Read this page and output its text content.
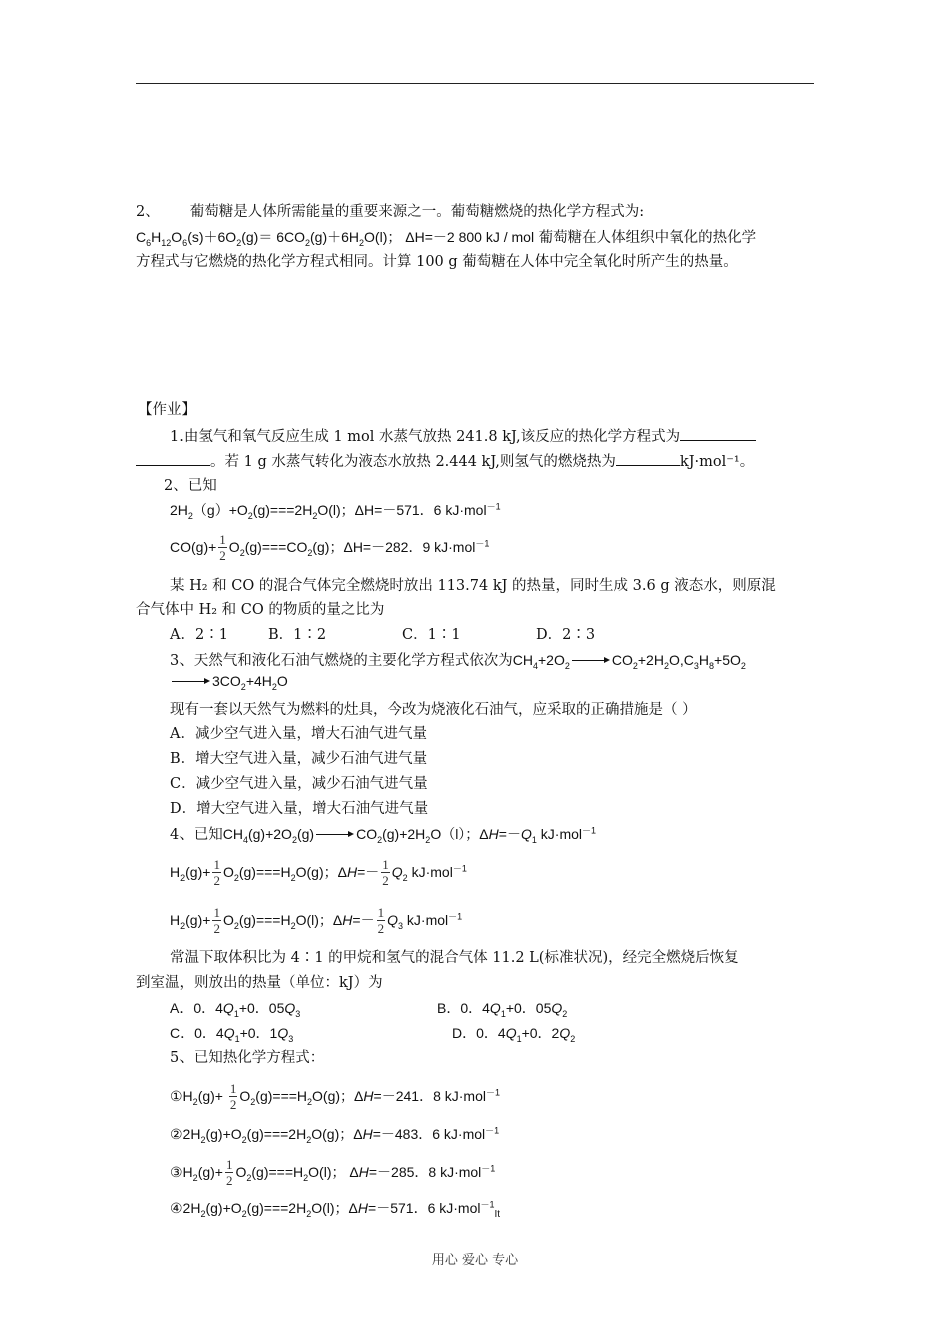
2、 葡萄糖是人体所需能量的重要来源之一。葡萄糖燃烧的热化学方程式为:
$C_6H_{12}O_6(s)+6O_2(g)= 6CO_2(g)+6H_2O(l)$； ΔH=－2 800 kJ / mol 葡萄糖在人体组织中氧化的热化学
方程式与它燃烧的热化学方程式相同。计算 100 g 葡萄糖在人体中完全氧化时所产生的热量。
【作业】
1.由氢气和氧气反应生成 1 mol 水蒸气放热 241.8 kJ,该反应的热化学方程式为
。若 1 g 水蒸气转化为液态水放热 2.444 kJ,则氢气的燃烧热为	kJ·mol⁻¹。
2、已知
$2H_2(g)+O_2(g)===2H_2O(l)$；ΔH=－571．6 kJ·mol$^{-1}$
$CO(g)+ \frac{1}{2} O_2(g)===CO_2(g)$；ΔH=－282．9 kJ·mol$^{-1}$
某 H₂ 和 CO 的混合气体完全燃烧时放出 113.74 kJ 的热量，同时生成 3.6 g 液态水，则原混
合气体中 H₂ 和 CO 的物质的量之比为
A．2∶1	B．1∶2	C．1∶1	D．2∶3
3、天然气和液化石油气燃烧的主要化学方程式依次为$CH_4+2O_2$	$CO_2+2H_2O,C_3H_8+5O_2$
$3CO_2+4H_2O$
现有一套以天然气为燃料的灶具，今改为烧液化石油气，应采取的正确措施是（ ）
A．减少空气进入量，增大石油气进气量
B．增大空气进入量，减少石油气进气量
C．减少空气进入量，减少石油气进气量
D．增大空气进入量，增大石油气进气量
4、已知$CH_4(g)+2O_2(g)$	$CO_2(g)+2H_2O(l)$；$\Delta H=-Q_1$ kJ·mol$^{-1}$
$H_2(g)+ \frac{1}{2} O_2(g)===H_2O(g)$；$\Delta H=- \frac{1}{2} Q_2$ kJ·mol$^{-1}$
$H_2(g)+ \frac{1}{2} O_2(g)===H_2O(l)$；$\Delta H=- \frac{1}{2} Q_3$ kJ·mol$^{-1}$
常温下取体积比为 4∶1 的甲烷和氢气的混合气体 11.2 L(标准状况)，经完全燃烧后恢复
到室温，则放出的热量（单位：kJ）为
A．0．$4Q_1+0$．$05Q_3$	B．0．$4Q_1+0$．$05Q_2$
C．0．$4Q_1+0$．$1Q_3$	D．0．$4Q_1+0$．$2Q_2$
5、已知热化学方程式：
$①H_2(g)+ \frac{1}{2} O_2(g)===H_2O(g)$；ΔH=－241．8 kJ·mol$^{-1}$
$②2H_2(g)+O_2(g)===2H_2O(g)$；ΔH=－483．6 kJ·mol$^{-1}$
$③H_2(g)+ \frac{1}{2} O_2(g)===H_2O(l)$； ΔH=－285．8 kJ·mol$^{-1}$
$④2H_2(g)+O_2(g)===2H_2O(l)$；ΔH=－571．6 kJ·mol$^{-1}_{It}$
用心 爱心 专心
